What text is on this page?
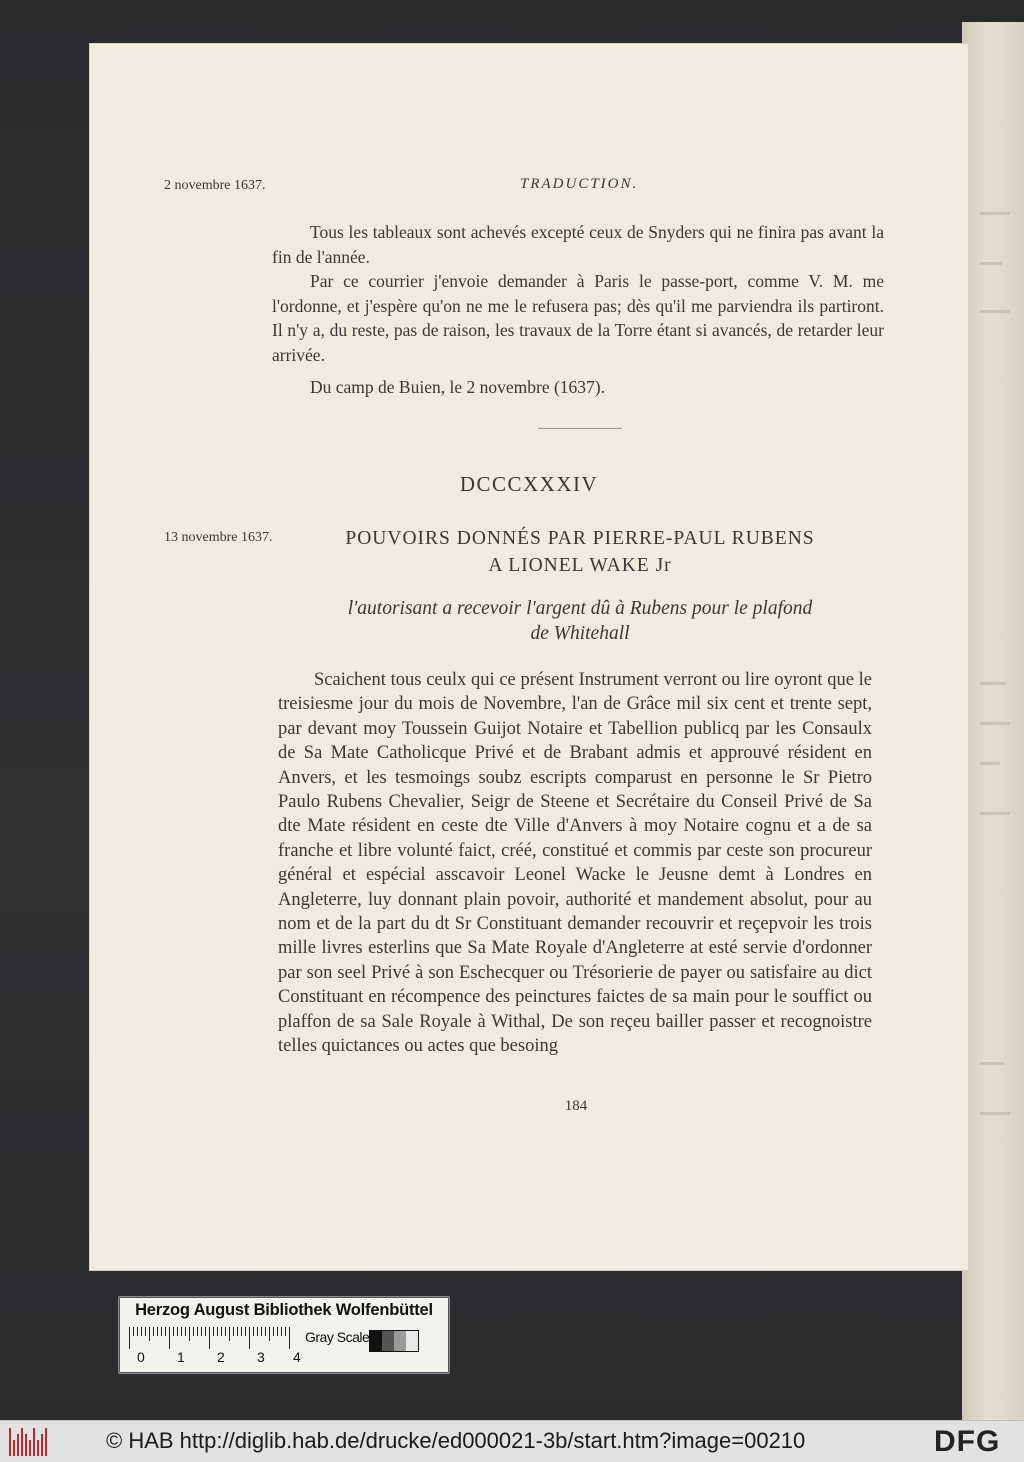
2 novembre 1637.	TRADUCTION.

Tous les tableaux sont achevés excepté ceux de Snyders qui ne finira pas avant la fin de l'année.

Par ce courrier j'envoie demander à Paris le passe-port, comme V. M. me l'ordonne, et j'espère qu'on ne me le refusera pas; dès qu'il me parviendra ils partiront. Il n'y a, du reste, pas de raison, les travaux de la Torre étant si avancés, de retarder leur arrivée.

Du camp de Buien, le 2 novembre (1637).

DCCCXXXIV
13 novembre 1637.	POUVOIRS DONNÉS PAR PIERRE-PAUL RUBENS
A LIONEL WAKE Jr
l'autorisant a recevoir l'argent dû à Rubens pour le plafond
de Whitehall

Scaichent tous ceulx qui ce présent Instrument verront ou lire oyront que le treisiesme jour du mois de Novembre, l'an de Grâce mil six cent et trente sept, par devant moy Toussein Guijot Notaire et Tabellion publicq par les Consaulx de Sa Mate Catholicque Privé et de Brabant admis et approuvé résident en Anvers, et les tesmoings soubz escripts comparust en personne le Sr Pietro Paulo Rubens Chevalier, Seigr de Steene et Secrétaire du Conseil Privé de Sa dte Mate résident en ceste dte Ville d'Anvers à moy Notaire cognu et a de sa franche et libre volunté faict, créé, constitué et commis par ceste son procureur général et espécial asscavoir Leonel Wacke le Jeusne demt à Londres en Angleterre, luy donnant plain povoir, authorité et mandement absolut, pour au nom et de la part du dt Sr Constituant demander recouvrir et reçepvoir les trois mille livres esterlins que Sa Mate Royale d'Angleterre at esté servie d'ordonner par son seel Privé à son Eschecquer ou Trésorierie de payer ou satisfaire au dict Constituant en récompence des peinctures faictes de sa main pour le souffict ou plaffon de sa Sale Royale à Withal, De son reçeu bailler passer et recognoistre telles quictances ou actes que besoing

184
Herzog August Bibliothek Wolfenbüttel
0 1 2 3 4
Gray Scale
© HAB http://diglib.hab.de/drucke/ed000021-3b/start.htm?image=00210	DFG
